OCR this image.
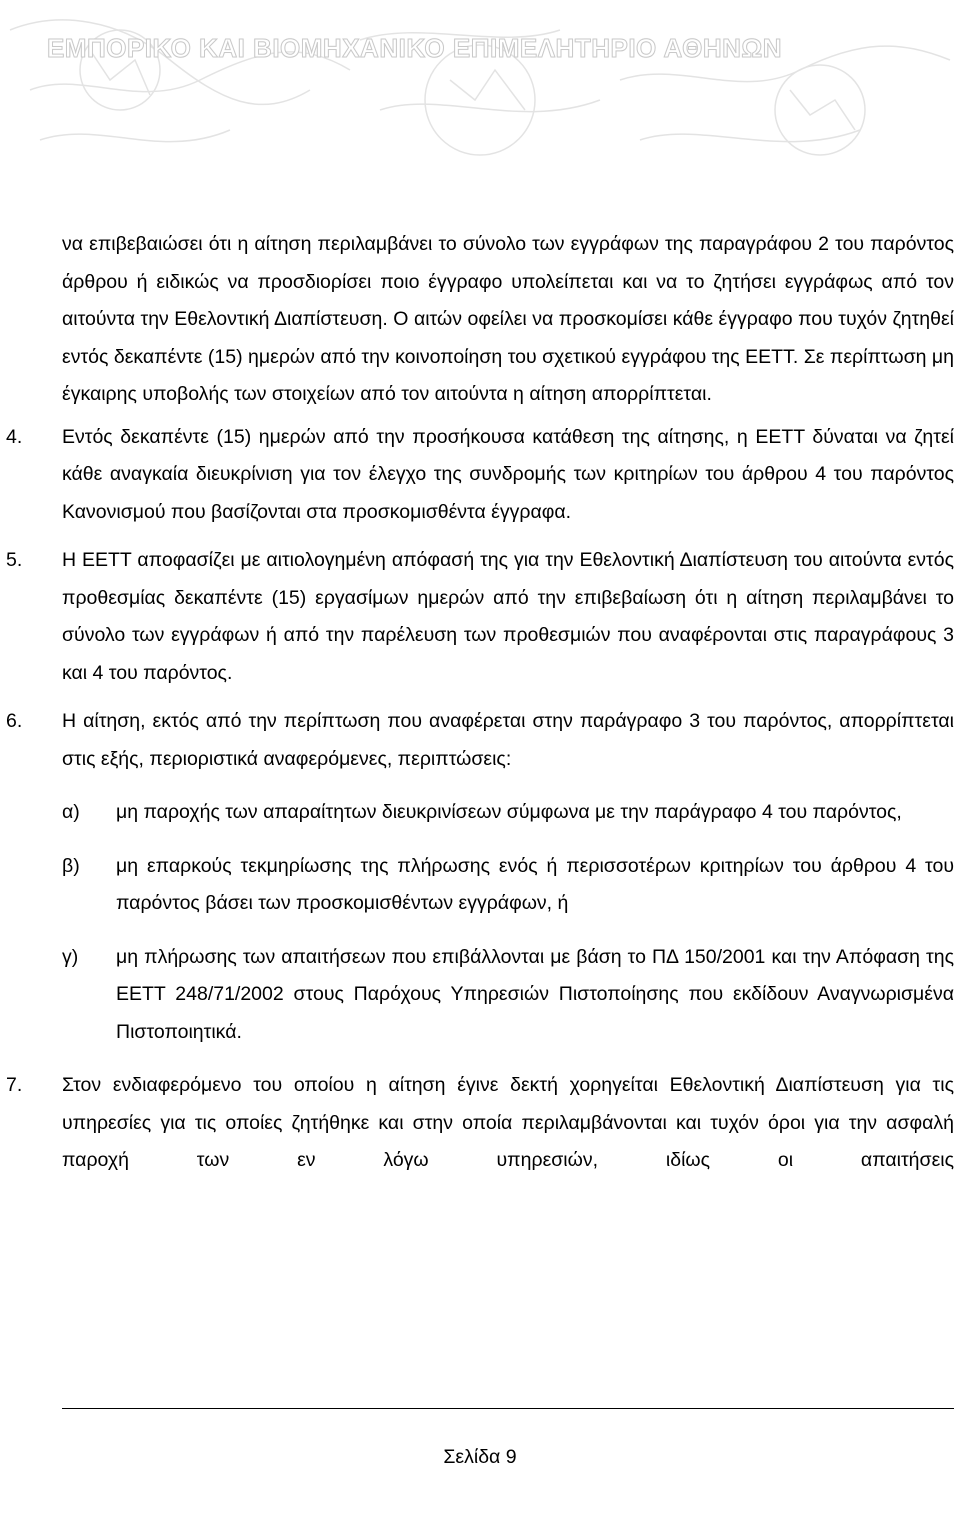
ΕΜΠΟΡΙΚΟ ΚΑΙ ΒΙΟΜΗΧΑΝΙΚΟ ΕΠΙΜΕΛΗΤΗΡΙΟ ΑΘΗΝΩΝ

να επιβεβαιώσει ότι η αίτηση περιλαμβάνει το σύνολο των εγγράφων της παραγράφου 2 του παρόντος άρθρου ή ειδικώς να προσδιορίσει ποιο έγγραφο υπολείπεται και να το ζητήσει εγγράφως από τον αιτούντα την Εθελοντική Διαπίστευση. Ο αιτών οφείλει να προσκομίσει κάθε έγγραφο που τυχόν ζητηθεί εντός δεκαπέντε (15) ημερών από την κοινοποίηση του σχετικού εγγράφου της ΕΕΤΤ. Σε περίπτωση μη έγκαιρης υποβολής των στοιχείων από τον αιτούντα η αίτηση απορρίπτεται.

4.	Εντός δεκαπέντε (15) ημερών από την προσήκουσα κατάθεση της αίτησης, η ΕΕΤΤ δύναται να ζητεί κάθε αναγκαία διευκρίνιση για τον έλεγχο της συνδρομής των κριτηρίων του άρθρου 4 του παρόντος Κανονισμού που βασίζονται στα προσκομισθέντα έγγραφα.
5.	Η ΕΕΤΤ αποφασίζει με αιτιολογημένη απόφασή της για την Εθελοντική Διαπίστευση του αιτούντα εντός προθεσμίας δεκαπέντε (15) εργασίμων ημερών από την επιβεβαίωση ότι η αίτηση περιλαμβάνει το σύνολο των εγγράφων ή από την παρέλευση των προθεσμιών που αναφέρονται στις παραγράφους 3 και 4 του παρόντος.
6.	Η αίτηση, εκτός από την περίπτωση που αναφέρεται στην παράγραφο 3 του παρόντος, απορρίπτεται στις εξής, περιοριστικά αναφερόμενες, περιπτώσεις:
α) μη παροχής των απαραίτητων διευκρινίσεων σύμφωνα με την παράγραφο 4 του παρόντος,
β) μη επαρκούς τεκμηρίωσης της πλήρωσης ενός ή περισσοτέρων κριτηρίων του άρθρου 4 του παρόντος βάσει των προσκομισθέντων εγγράφων, ή
γ) μη πλήρωσης των απαιτήσεων που επιβάλλονται με βάση το ΠΔ 150/2001 και την Απόφαση της ΕΕΤΤ 248/71/2002 στους Παρόχους Υπηρεσιών Πιστοποίησης που εκδίδουν Αναγνωρισμένα Πιστοποιητικά.
7.	Στον ενδιαφερόμενο του οποίου η αίτηση έγινε δεκτή χορηγείται Εθελοντική Διαπίστευση για τις υπηρεσίες για τις οποίες ζητήθηκε και στην οποία περιλαμβάνονται και τυχόν όροι για την ασφαλή παροχή των εν λόγω υπηρεσιών, ιδίως οι απαιτήσεις
Σελίδα 9
